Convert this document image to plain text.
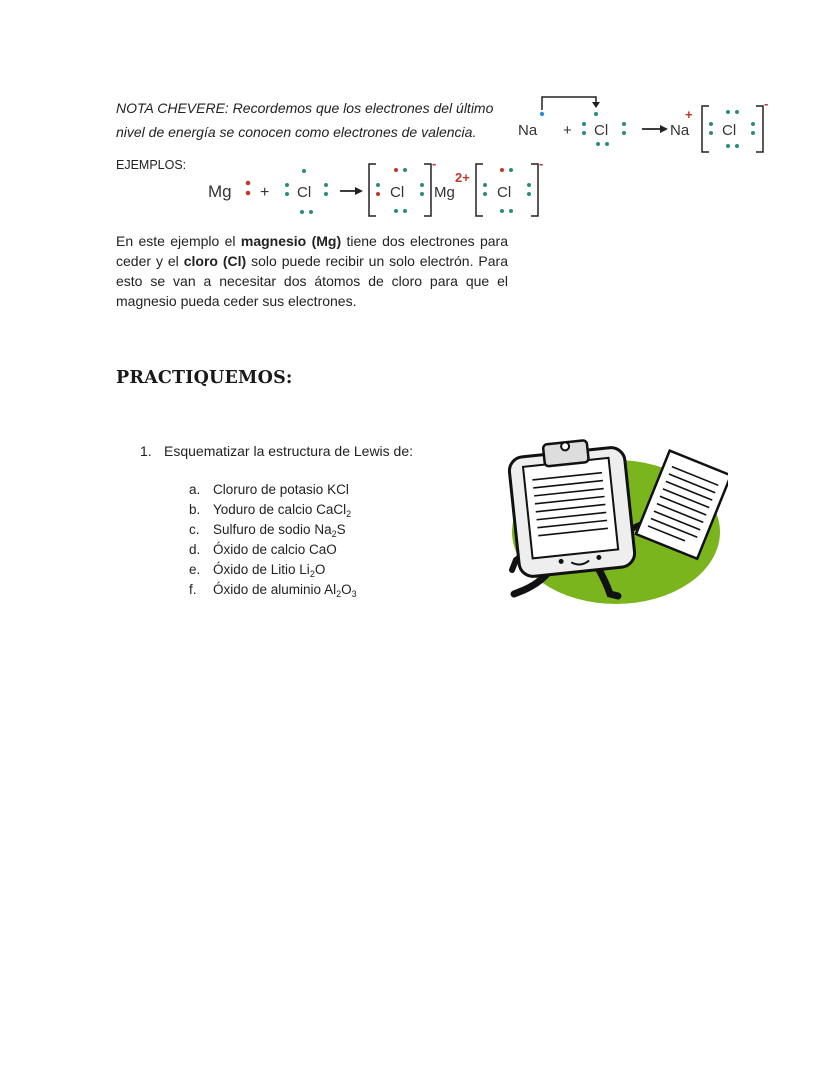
NOTA CHEVERE: Recordemos que los electrones del último
nivel de energía se conocen como electrones de valencia.	Na + Cl	Na
+
-
Cl
EJEMPLOS:
Mg + Cl
-
Cl Mg
2+
-
Cl
En este ejemplo el magnesio (Mg) tiene dos electrones para ceder y el cloro (Cl) solo puede recibir un solo electrón. Para esto se van a necesitar dos átomos de cloro para que el magnesio pueda ceder sus electrones.
PRACTIQUEMOS:
1. Esquematizar la estructura de Lewis de:
a. Cloruro de potasio KCl
b. Yoduro de calcio CaCl$_2$
c. Sulfuro de sodio $Na_2S$
d. Óxido de calcio CaO
e. Óxido de Litio $Li_2O$
f. Óxido de aluminio $Al_2O_3$
